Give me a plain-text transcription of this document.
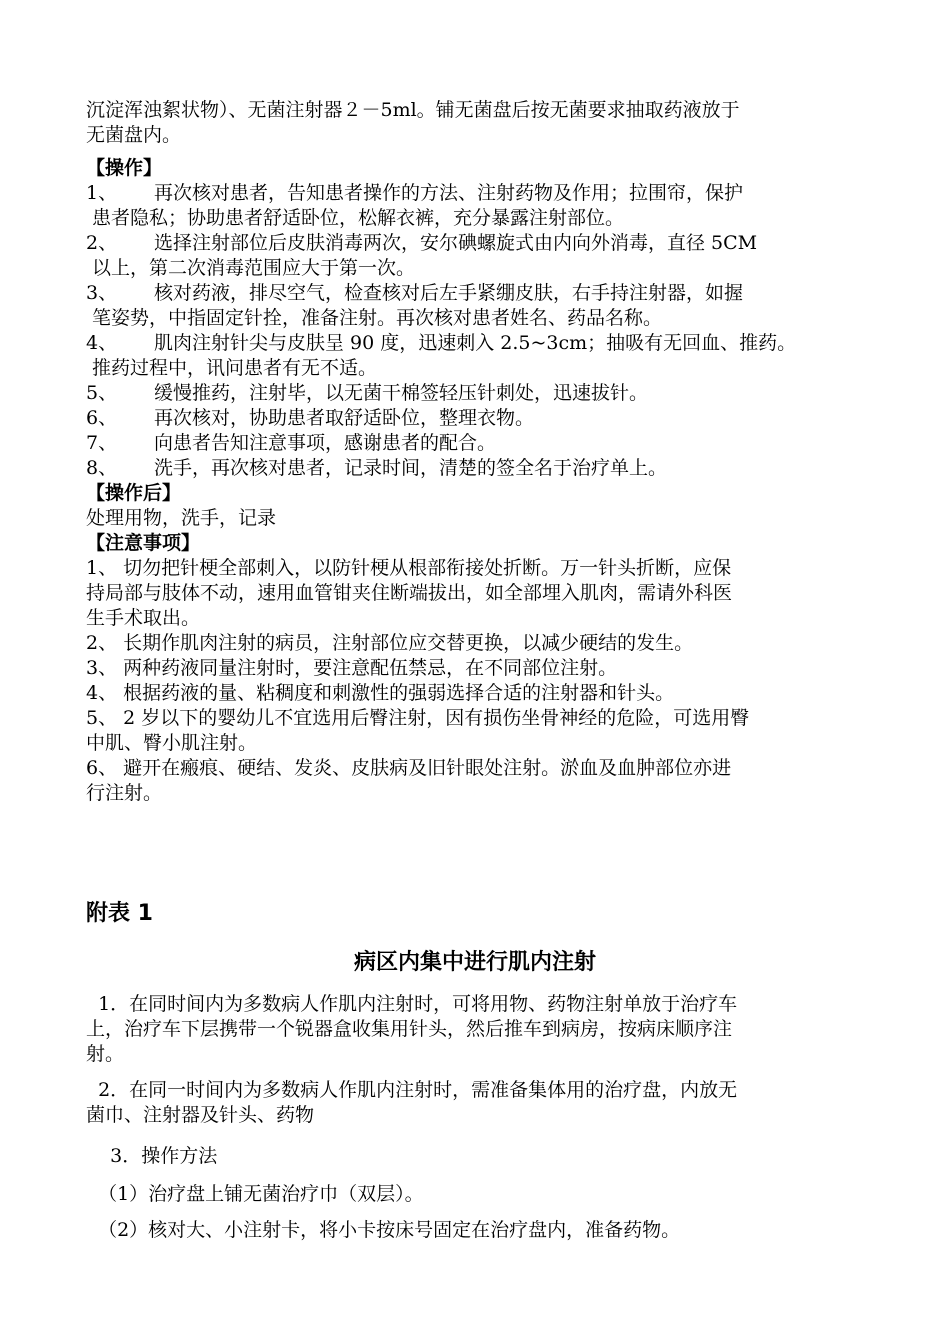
沉淀浑浊絮状物）、无菌注射器２－5ml。铺无菌盘后按无菌要求抽取药液放于

无菌盘内。

【操作】

1、	再次核对患者，告知患者操作的方法、注射药物及作用；拉围帘，保护
患者隐私；协助患者舒适卧位，松解衣裤，充分暴露注射部位。
2、	选择注射部位后皮肤消毒两次，安尔碘螺旋式由内向外消毒，直径 5CM
以上，第二次消毒范围应大于第一次。
3、	核对药液，排尽空气，检查核对后左手紧绷皮肤，右手持注射器，如握
笔姿势，中指固定针拴，准备注射。再次核对患者姓名、药品名称。
4、	肌肉注射针尖与皮肤呈 90 度，迅速刺入 2.5~3cm；抽吸有无回血、推药。
推药过程中，讯问患者有无不适。
5、	缓慢推药，注射毕，以无菌干棉签轻压针刺处，迅速拔针。
6、	再次核对，协助患者取舒适卧位，整理衣物。
7、	向患者告知注意事项，感谢患者的配合。
8、	洗手，再次核对患者，记录时间，清楚的签全名于治疗单上。

【操作后】

处理用物，洗手，记录

【注意事项】

1、 切勿把针梗全部刺入，以防针梗从根部衔接处折断。万一针头折断，应保
持局部与肢体不动，速用血管钳夹住断端拔出，如全部埋入肌肉，需请外科医
生手术取出。
2、 长期作肌肉注射的病员，注射部位应交替更换，以减少硬结的发生。
3、 两种药液同量注射时，要注意配伍禁忌，在不同部位注射。
4、 根据药液的量、粘稠度和刺激性的强弱选择合适的注射器和针头。
5、 2 岁以下的婴幼儿不宜选用后臀注射，因有损伤坐骨神经的危险，可选用臀
中肌、臀小肌注射。
6、 避开在瘢痕、硬结、发炎、皮肤病及旧针眼处注射。淤血及血肿部位亦进
行注射。
附表 1
病区内集中进行肌内注射

1．在同时间内为多数病人作肌内注射时，可将用物、药物注射单放于治疗车

上，治疗车下层携带一个锐器盒收集用针头，然后推车到病房，按病床顺序注

射。

2．在同一时间内为多数病人作肌内注射时，需准备集体用的治疗盘，内放无

菌巾、注射器及针头、药物

3．操作方法

（1）治疗盘上铺无菌治疗巾（双层）。

（2）核对大、小注射卡，将小卡按床号固定在治疗盘内，准备药物。
